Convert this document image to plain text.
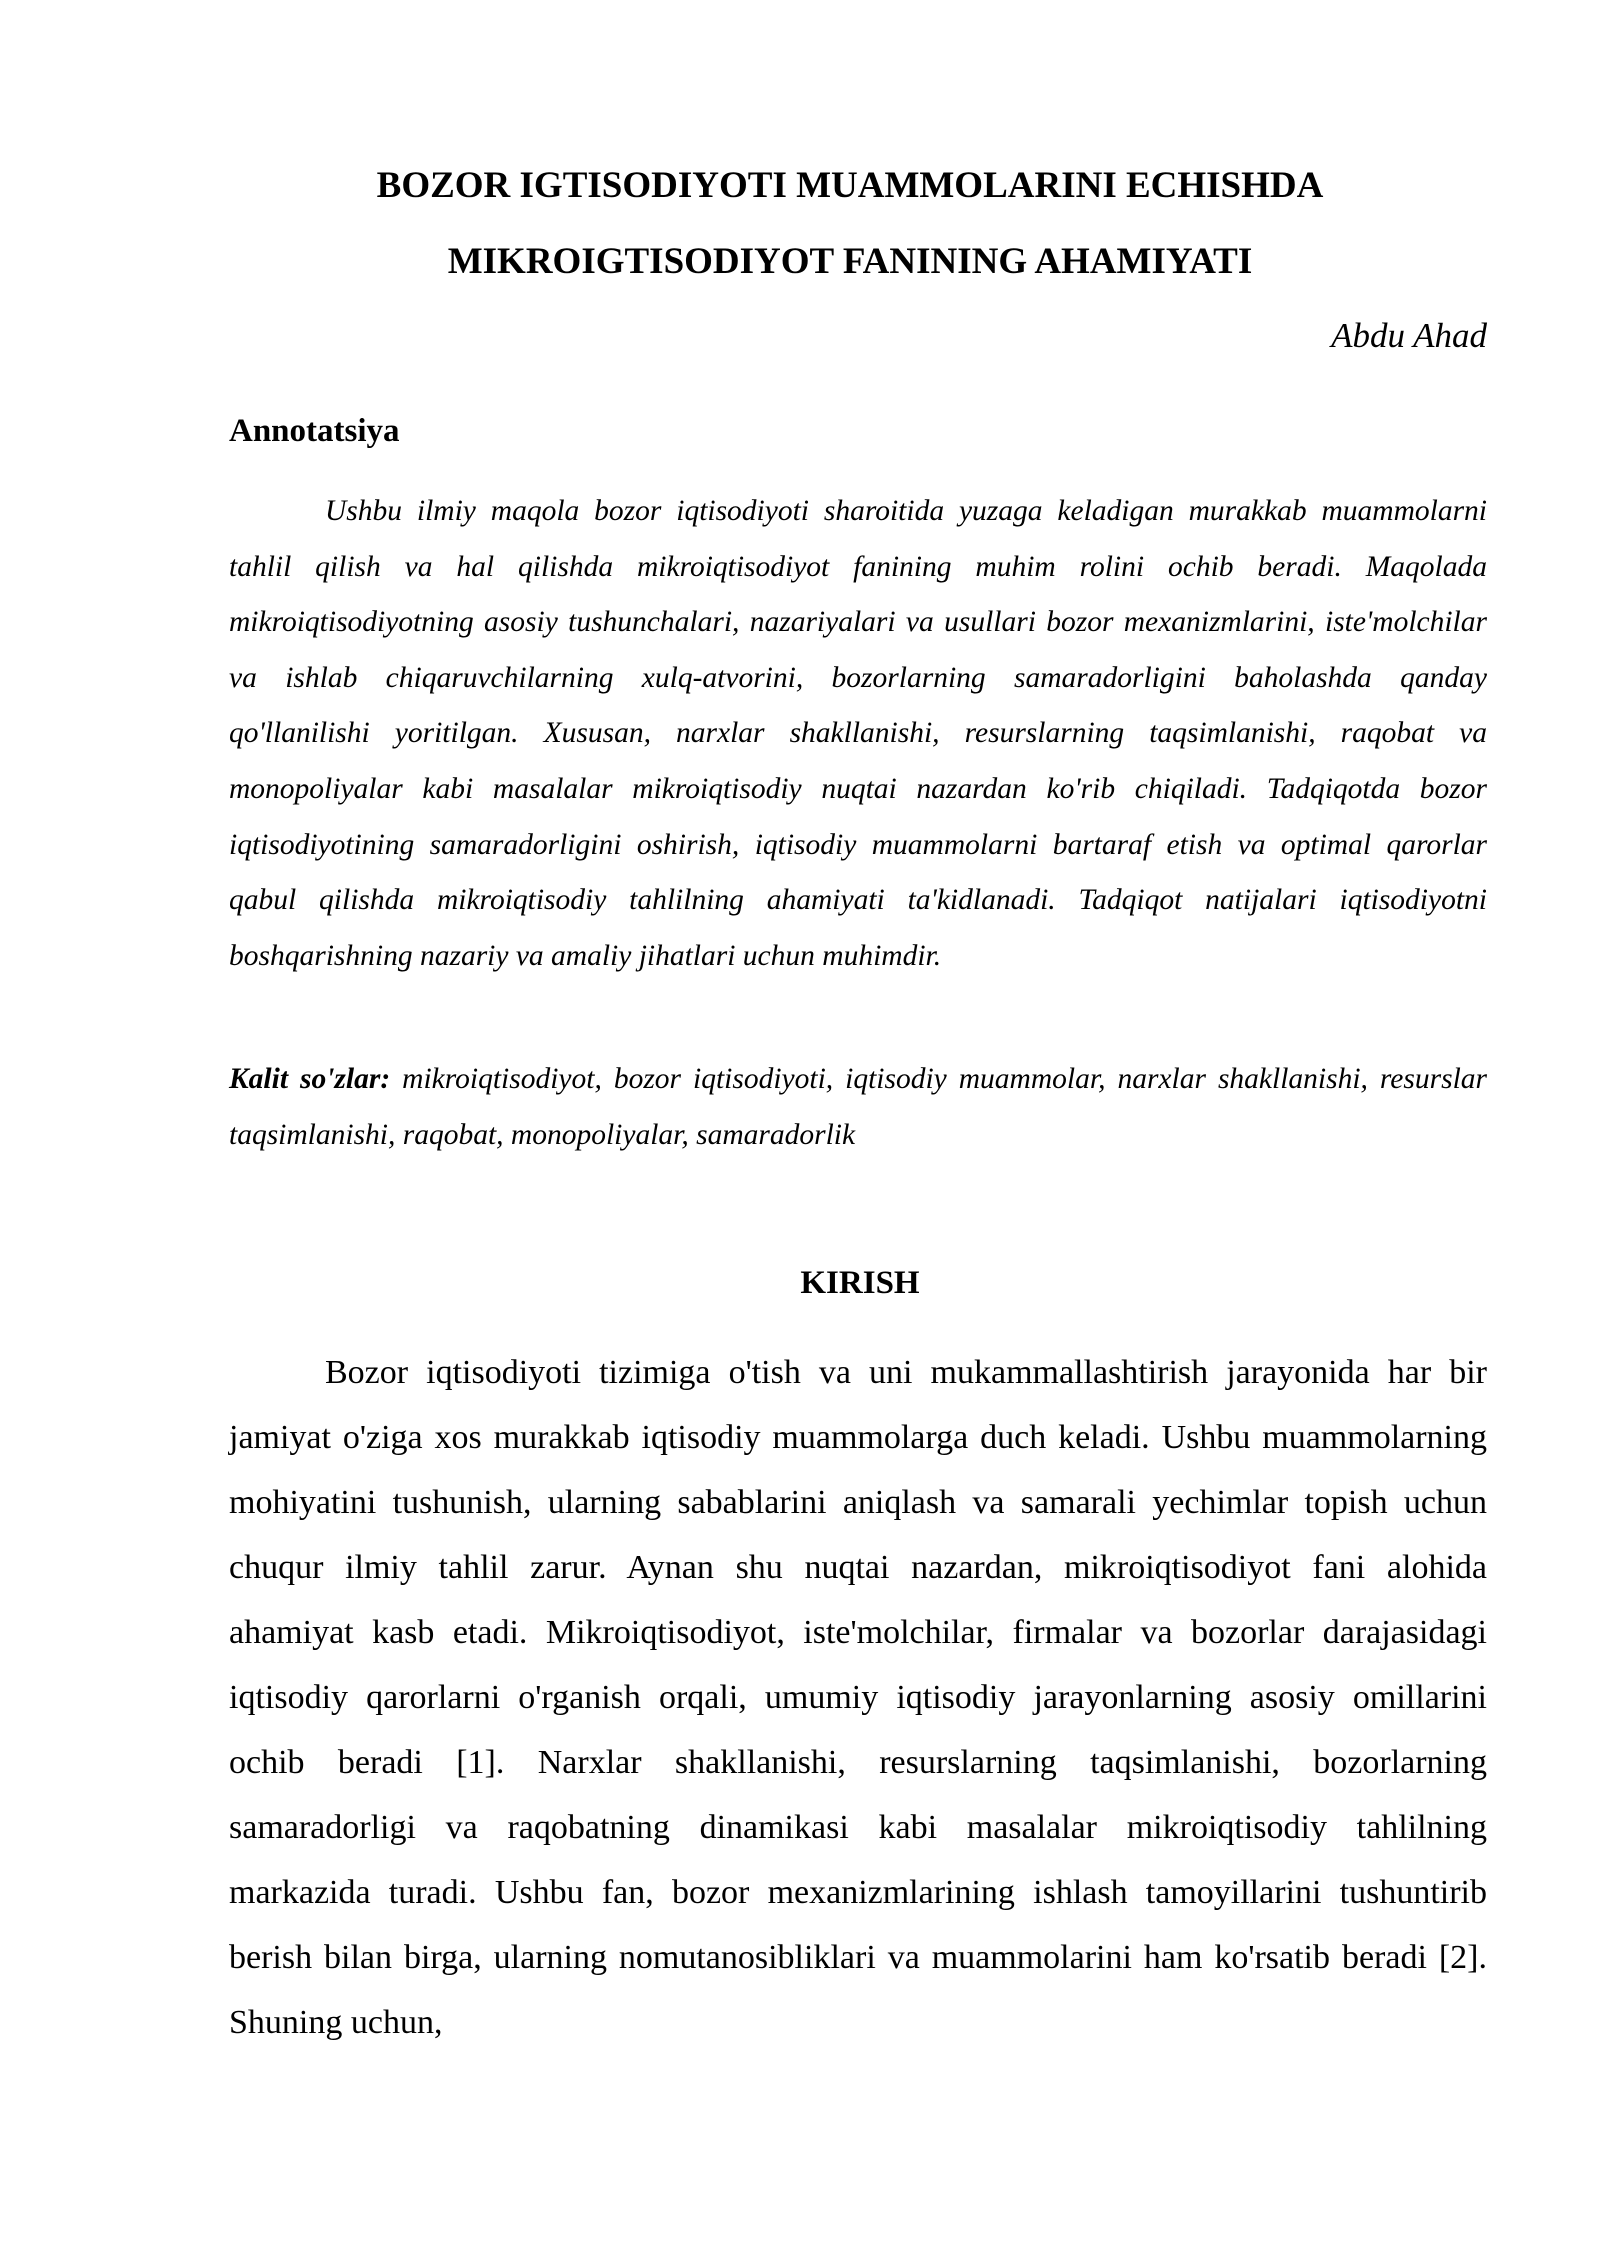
BOZOR IGTISODIYOTI MUAMMOLARINI ECHISHDA
MIKROIGTISODIYOT FANINING AHAMIYATI
Abdu Ahad
Annotatsiya
Ushbu ilmiy maqola bozor iqtisodiyoti sharoitida yuzaga keladigan murakkab muammolarni tahlil qilish va hal qilishda mikroiqtisodiyot fanining muhim rolini ochib beradi. Maqolada mikroiqtisodiyotning asosiy tushunchalari, nazariyalari va usullari bozor mexanizmlarini, iste'molchilar va ishlab chiqaruvchilarning xulq-atvorini, bozorlarning samaradorligini baholashda qanday qo'llanilishi yoritilgan. Xususan, narxlar shakllanishi, resurslarning taqsimlanishi, raqobat va monopoliyalar kabi masalalar mikroiqtisodiy nuqtai nazardan ko'rib chiqiladi. Tadqiqotda bozor iqtisodiyotining samaradorligini oshirish, iqtisodiy muammolarni bartaraf etish va optimal qarorlar qabul qilishda mikroiqtisodiy tahlilning ahamiyati ta'kidlanadi. Tadqiqot natijalari iqtisodiyotni boshqarishning nazariy va amaliy jihatlari uchun muhimdir.
Kalit so'zlar: mikroiqtisodiyot, bozor iqtisodiyoti, iqtisodiy muammolar, narxlar shakllanishi, resurslar taqsimlanishi, raqobat, monopoliyalar, samaradorlik
KIRISH
Bozor iqtisodiyoti tizimiga o'tish va uni mukammallashtirish jarayonida har bir jamiyat o'ziga xos murakkab iqtisodiy muammolarga duch keladi. Ushbu muammolarning mohiyatini tushunish, ularning sabablarini aniqlash va samarali yechimlar topish uchun chuqur ilmiy tahlil zarur. Aynan shu nuqtai nazardan, mikroiqtisodiyot fani alohida ahamiyat kasb etadi. Mikroiqtisodiyot, iste'molchilar, firmalar va bozorlar darajasidagi iqtisodiy qarorlarni o'rganish orqali, umumiy iqtisodiy jarayonlarning asosiy omillarini ochib beradi [1]. Narxlar shakllanishi, resurslarning taqsimlanishi, bozorlarning samaradorligi va raqobatning dinamikasi kabi masalalar mikroiqtisodiy tahlilning markazida turadi. Ushbu fan, bozor mexanizmlarining ishlash tamoyillarini tushuntirib berish bilan birga, ularning nomutanosibliklari va muammolarini ham ko'rsatib beradi [2]. Shuning uchun,
